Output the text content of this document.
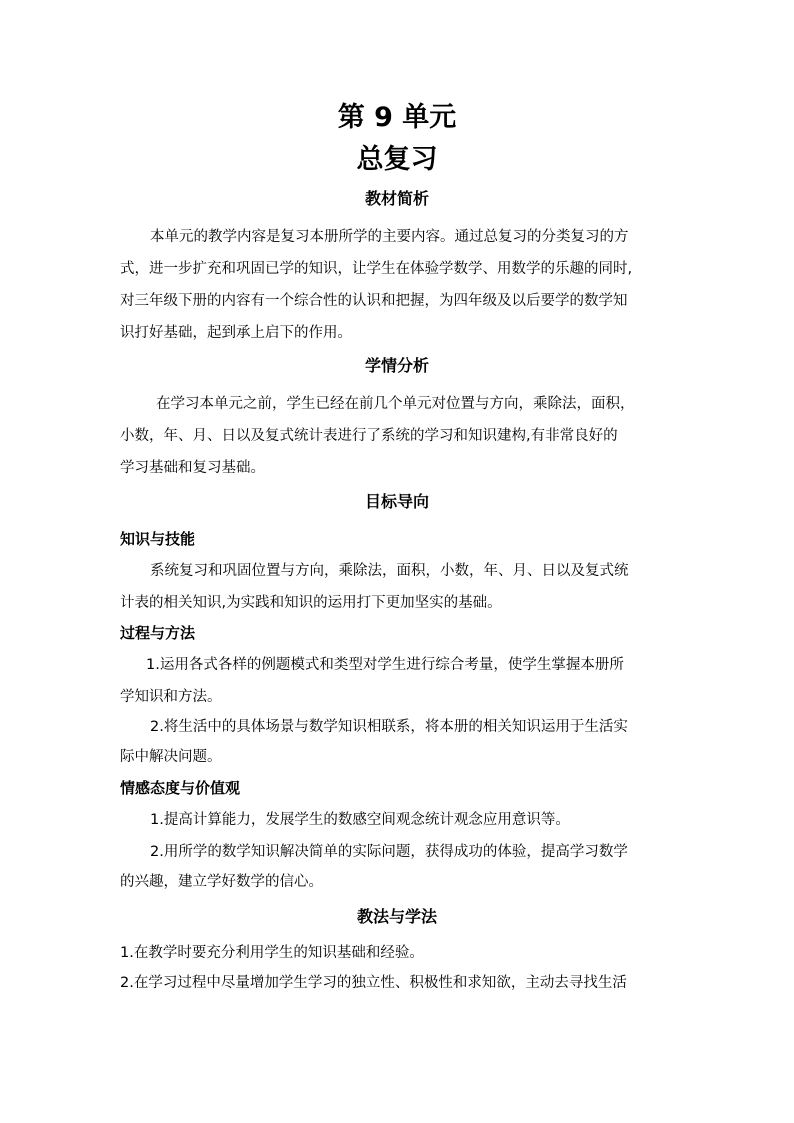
第 9 单元
总复习
教材简析
本单元的教学内容是复习本册所学的主要内容。通过总复习的分类复习的方
式，进一步扩充和巩固已学的知识，让学生在体验学数学、用数学的乐趣的同时,
对三年级下册的内容有一个综合性的认识和把握，为四年级及以后要学的数学知
识打好基础，起到承上启下的作用。
学情分析
在学习本单元之前，学生已经在前几个单元对位置与方向，乘除法，面积，
小数，年、月、日以及复式统计表进行了系统的学习和知识建构,有非常良好的
学习基础和复习基础。
目标导向
知识与技能
系统复习和巩固位置与方向，乘除法，面积，小数，年、月、日以及复式统
计表的相关知识,为实践和知识的运用打下更加坚实的基础。
过程与方法
1.运用各式各样的例题模式和类型对学生进行综合考量，使学生掌握本册所
学知识和方法。
2.将生活中的具体场景与数学知识相联系，将本册的相关知识运用于生活实
际中解决问题。
情感态度与价值观
1.提高计算能力，发展学生的数感空间观念统计观念应用意识等。
2.用所学的数学知识解决简单的实际问题，获得成功的体验，提高学习数学
的兴趣，建立学好数学的信心。
教法与学法
1.在教学时要充分利用学生的知识基础和经验。
2.在学习过程中尽量增加学生学习的独立性、积极性和求知欲，主动去寻找生活
